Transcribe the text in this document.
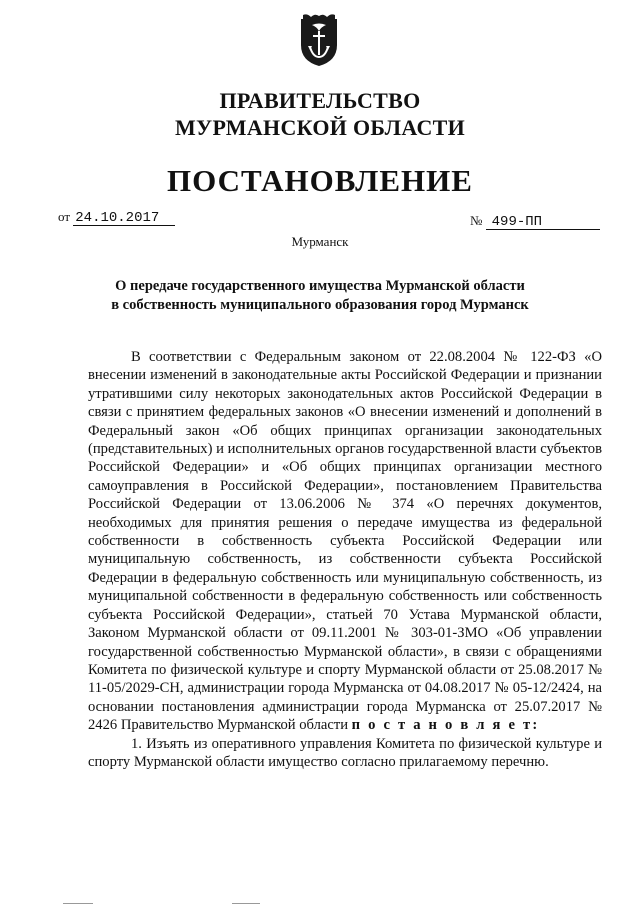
ПРАВИТЕЛЬСТВО
МУРМАНСКОЙ ОБЛАСТИ
ПОСТАНОВЛЕНИЕ
от 24.10.2017	№ 499-ПП
Мурманск
О передаче государственного имущества Мурманской области
в собственность муниципального образования город Мурманск

В соответствии с Федеральным законом от 22.08.2004 № 122-ФЗ «О внесении изменений в законодательные акты Российской Федерации и признании утратившими силу некоторых законодательных актов Российской Федерации в связи с принятием федеральных законов «О внесении изменений и дополнений в Федеральный закон «Об общих принципах организации законодательных (представительных) и исполнительных органов государственной власти субъектов Российской Федерации» и «Об общих принципах организации местного самоуправления в Российской Федерации», постановлением Правительства Российской Федерации от 13.06.2006 № 374 «О перечнях документов, необходимых для принятия решения о передаче имущества из федеральной собственности в собственность субъекта Российской Федерации или муниципальную собственность, из собственности субъекта Российской Федерации в федеральную собственность или муниципальную собственность, из муниципальной собственности в федеральную собственность или собственность субъекта Российской Федерации», статьей 70 Устава Мурманской области, Законом Мурманской области от 09.11.2001 № 303-01-ЗМО «Об управлении государственной собственностью Мурманской области», в связи с обращениями Комитета по физической культуре и спорту Мурманской области от 25.08.2017 № 11-05/2029-СН, администрации города Мурманска от 04.08.2017 № 05-12/2424, на основании постановления администрации города Мурманска от 25.07.2017 № 2426 Правительство Мурманской области п о с т а н о в л я е т:

1. Изъять из оперативного управления Комитета по физической культуре и спорту Мурманской области имущество согласно прилагаемому перечню.
